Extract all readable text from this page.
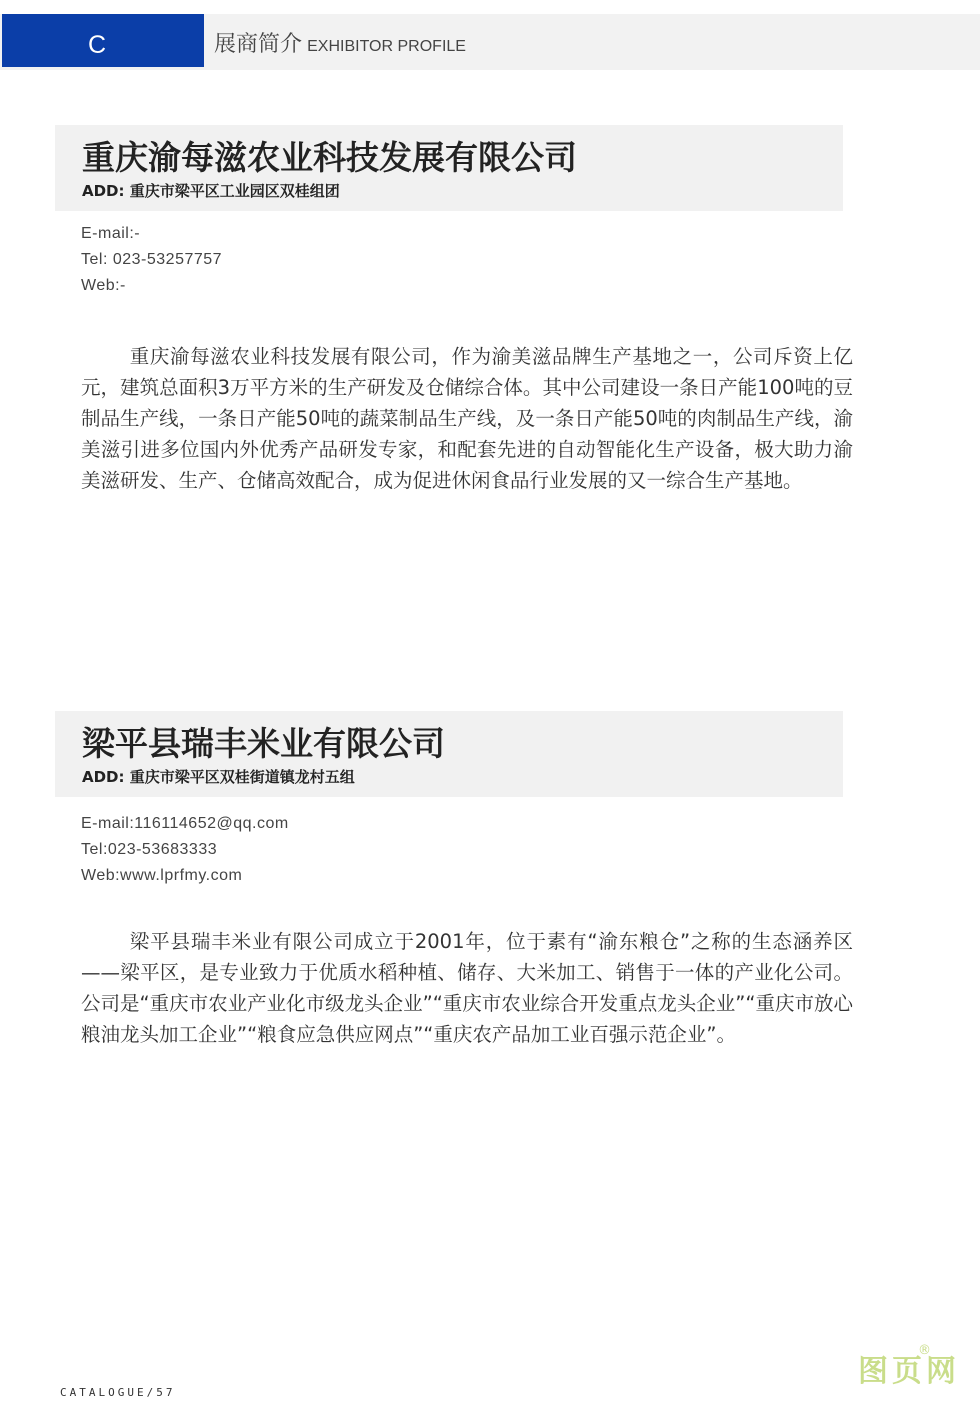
C	展商简介 EXHIBITOR PROFILE
重庆渝每滋农业科技发展有限公司
ADD: 重庆市梁平区工业园区双桂组团
E-mail:-
Tel: 023-53257757
Web:-

重庆渝每滋农业科技发展有限公司，作为渝美滋品牌生产基地之一，公司斥资上亿元，建筑总面积3万平方米的生产研发及仓储综合体。其中公司建设一条日产能100吨的豆制品生产线，一条日产能50吨的蔬菜制品生产线，及一条日产能50吨的肉制品生产线，渝美滋引进多位国内外优秀产品研发专家，和配套先进的自动智能化生产设备，极大助力渝美滋研发、生产、仓储高效配合，成为促进休闲食品行业发展的又一综合生产基地。

梁平县瑞丰米业有限公司
ADD: 重庆市梁平区双桂街道镇龙村五组
E-mail:116114652@qq.com
Tel:023-53683333
Web:www.lprfmy.com

梁平县瑞丰米业有限公司成立于2001年，位于素有“渝东粮仓”之称的生态涵养区——梁平区，是专业致力于优质水稻种植、储存、大米加工、销售于一体的产业化公司。公司是“重庆市农业产业化市级龙头企业”“重庆市农业综合开发重点龙头企业”“重庆市放心粮油龙头加工企业”“粮食应急供应网点”“重庆农产品加工业百强示范企业”。

CATALOGUE/57
图页网
®
